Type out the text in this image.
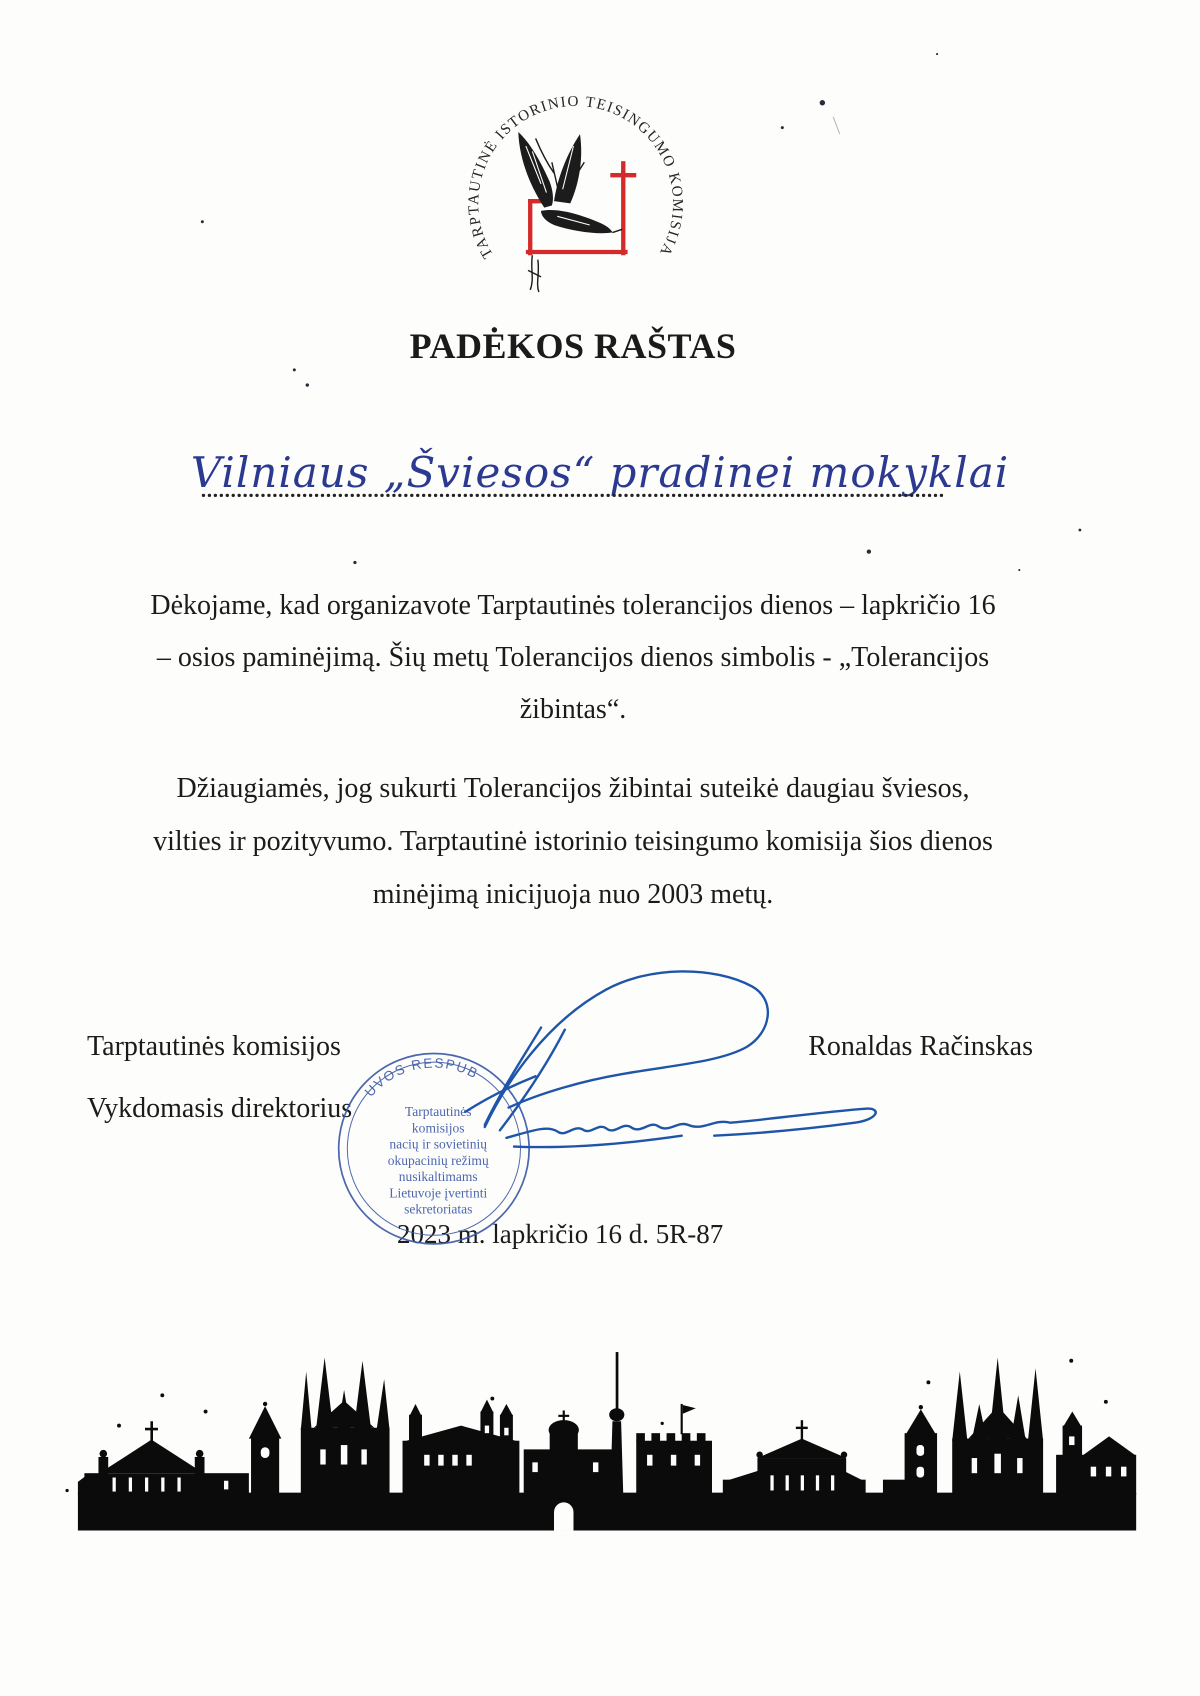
PADĖKOS RAŠTAS
Vilniaus „Šviesos“ pradinei mokyklai
Dėkojame, kad organizavote Tarptautinės tolerancijos dienos – lapkričio 16
– osios paminėjimą. Šių metų Tolerancijos dienos simbolis - „Tolerancijos
žibintas“.
Džiaugiamės, jog sukurti Tolerancijos žibintai suteikė daugiau šviesos,
vilties ir pozityvumo. Tarptautinė istorinio teisingumo komisija šios dienos
minėjimą inicijuoja nuo 2003 metų.
Tarptautinės komisijos
Vykdomasis direktorius
Ronaldas Račinskas
2023 m. lapkričio 16 d. 5R-87
TARPTAUTINĖ ISTORINIO TEISINGUMO KOMISIJA
UVOS RESPUB
Tarptautinės
komisijos
nacių ir sovietinių
okupacinių režimų
nusikaltimams
Lietuvoje įvertinti
sekretoriatas
